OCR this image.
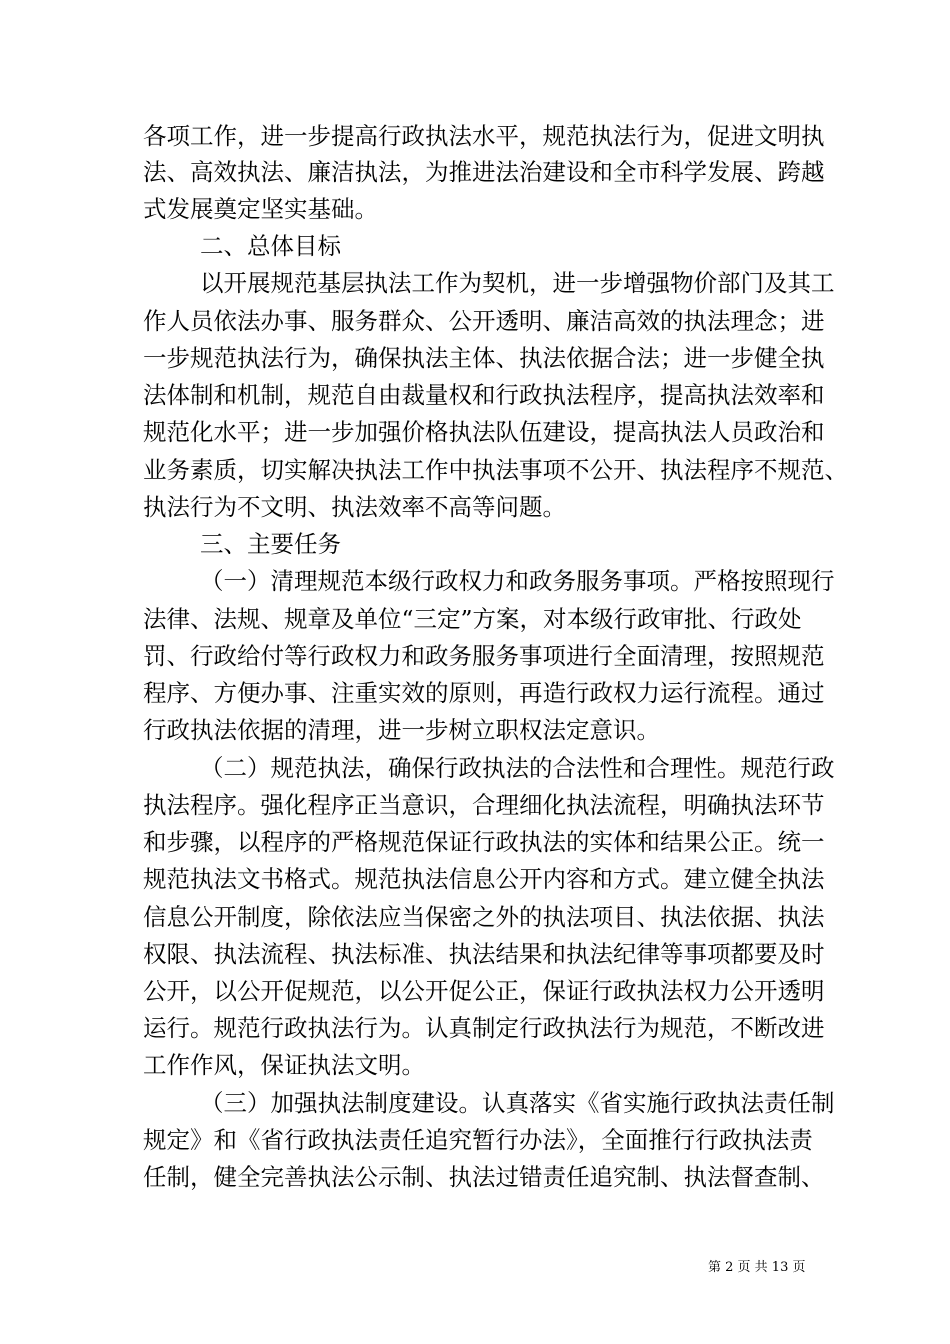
各项工作，进一步提高行政执法水平，规范执法行为，促进文明执
法、高效执法、廉洁执法，为推进法治建设和全市科学发展、跨越
式发展奠定坚实基础。
二、总体目标
以开展规范基层执法工作为契机，进一步增强物价部门及其工
作人员依法办事、服务群众、公开透明、廉洁高效的执法理念；进
一步规范执法行为，确保执法主体、执法依据合法；进一步健全执
法体制和机制，规范自由裁量权和行政执法程序，提高执法效率和
规范化水平；进一步加强价格执法队伍建设，提高执法人员政治和
业务素质，切实解决执法工作中执法事项不公开、执法程序不规范、
执法行为不文明、执法效率不高等问题。
三、主要任务
（一）清理规范本级行政权力和政务服务事项。严格按照现行
法律、法规、规章及单位“三定”方案，对本级行政审批、行政处
罚、行政给付等行政权力和政务服务事项进行全面清理，按照规范
程序、方便办事、注重实效的原则，再造行政权力运行流程。通过
行政执法依据的清理，进一步树立职权法定意识。
（二）规范执法，确保行政执法的合法性和合理性。规范行政
执法程序。强化程序正当意识，合理细化执法流程，明确执法环节
和步骤，以程序的严格规范保证行政执法的实体和结果公正。统一
规范执法文书格式。规范执法信息公开内容和方式。建立健全执法
信息公开制度，除依法应当保密之外的执法项目、执法依据、执法
权限、执法流程、执法标准、执法结果和执法纪律等事项都要及时
公开，以公开促规范，以公开促公正，保证行政执法权力公开透明
运行。规范行政执法行为。认真制定行政执法行为规范，不断改进
工作作风，保证执法文明。
（三）加强执法制度建设。认真落实《省实施行政执法责任制
规定》和《省行政执法责任追究暂行办法》，全面推行行政执法责
任制，健全完善执法公示制、执法过错责任追究制、执法督查制、
第 2 页 共 13 页
